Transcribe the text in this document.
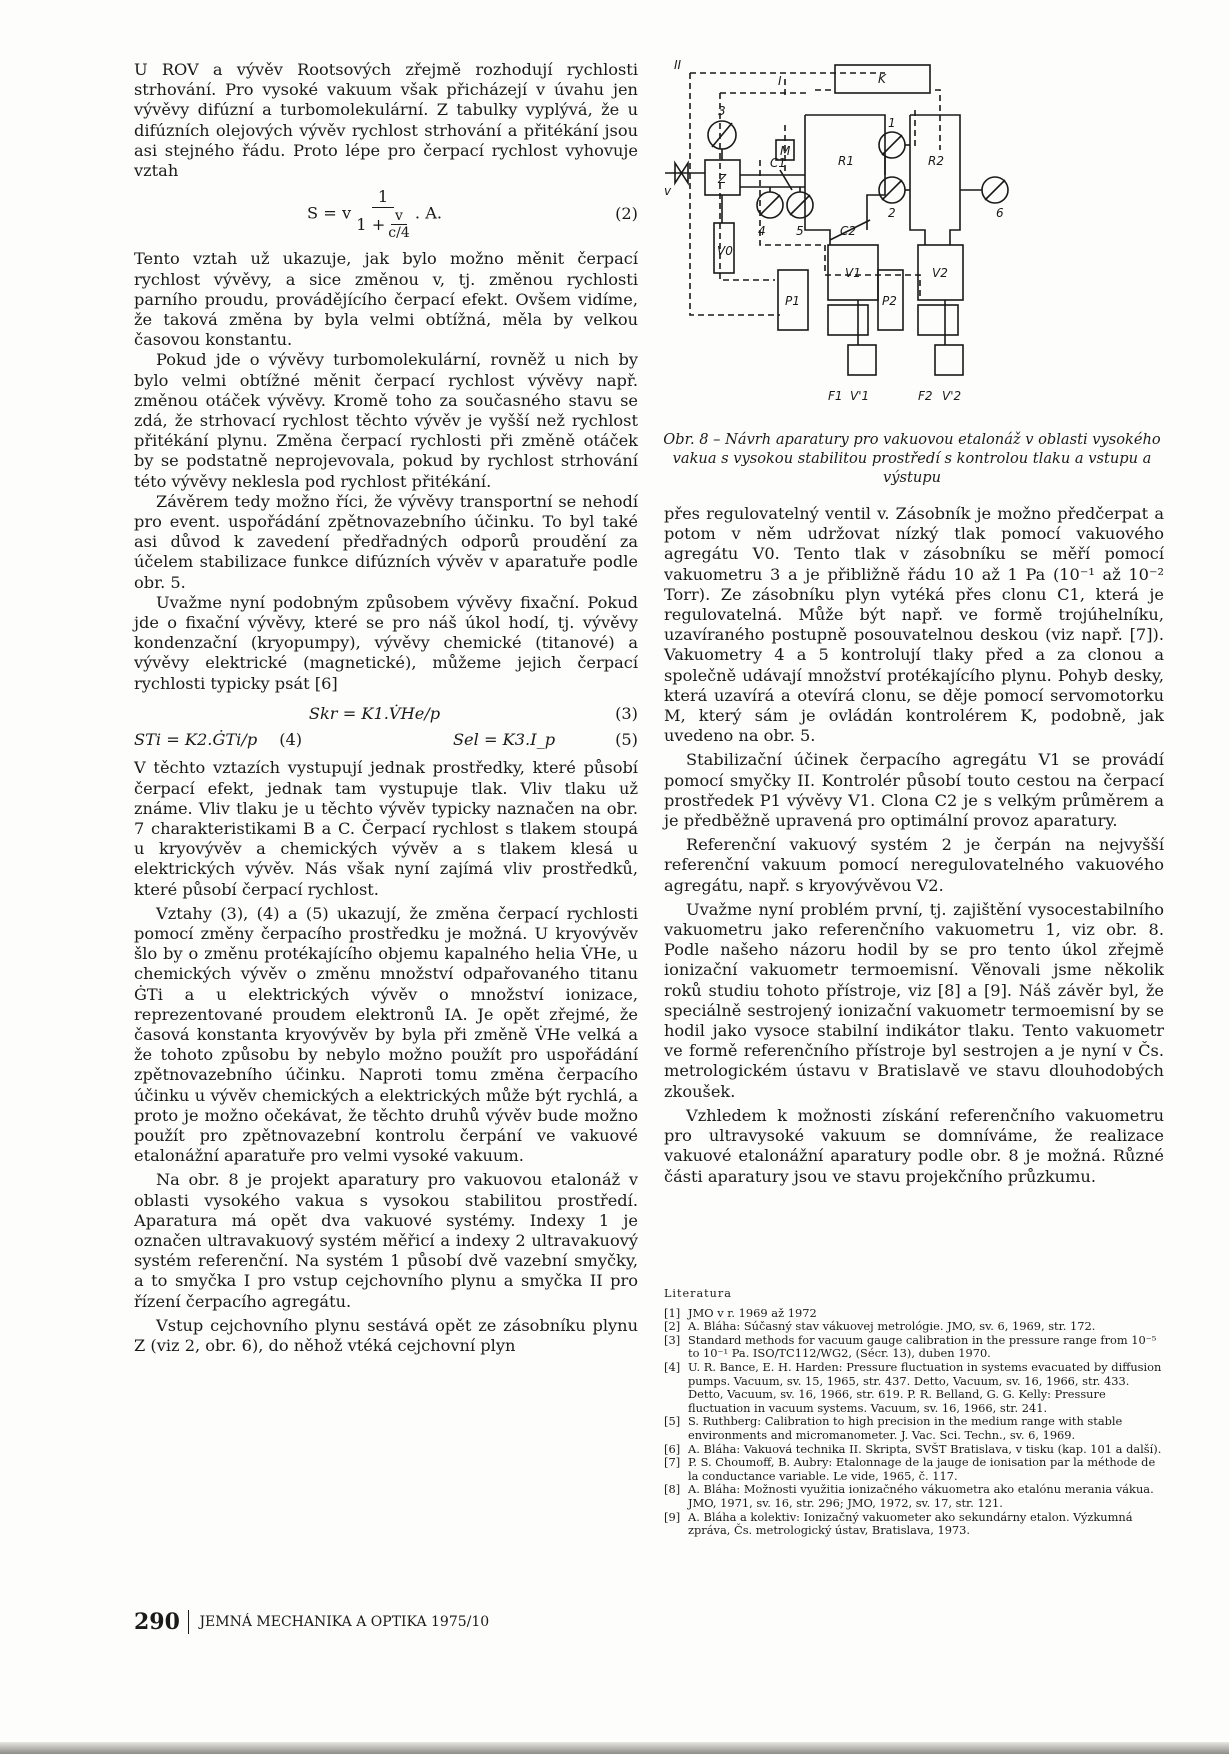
U ROV a vývěv Rootsových zřejmě rozhodují rychlosti strhování. Pro vysoké vakuum však přicházejí v úvahu jen vývěvy difúzní a turbomolekulární. Z tabulky vyplývá, že u difúzních olejových vývěv rychlost strhování a přitékání jsou asi stejného řádu. Proto lépe pro čerpací rychlost vyhovuje vztah

S = v $\frac{1}{1 + \frac{v}{c/4}}$ . A.	(2)

Tento vztah už ukazuje, jak bylo možno měnit čerpací rychlost vývěvy, a sice změnou v, tj. změnou rychlosti parního proudu, provádějícího čerpací efekt. Ovšem vidíme, že taková změna by byla velmi obtížná, měla by velkou časovou konstantu.

Pokud jde o vývěvy turbomolekulární, rovněž u nich by bylo velmi obtížné měnit čerpací rychlost vývěvy např. změnou otáček vývěvy. Kromě toho za současného stavu se zdá, že strhovací rychlost těchto vývěv je vyšší než rychlost přitékání plynu. Změna čerpací rychlosti při změně otáček by se podstatně neprojevovala, pokud by rychlost strhování této vývěvy neklesla pod rychlost přitékání.

Závěrem tedy možno říci, že vývěvy transportní se nehodí pro event. uspořádání zpětnovazebního účinku. To byl také asi důvod k zavedení předřadných odporů proudění za účelem stabilizace funkce difúzních vývěv v aparatuře podle obr. 5.

Uvažme nyní podobným způsobem vývěvy fixační. Pokud jde o fixační vývěvy, které se pro náš úkol hodí, tj. vývěvy kondenzační (kryopumpy), vývěvy chemické (titanové) a vývěvy elektrické (magnetické), můžeme jejich čerpací rychlosti typicky psát [6]

Skr = K1.V̇He/p	(3)
STi = K2.ĠTi/p (4)	Sel = K3.I_p	(5)

V těchto vztazích vystupují jednak prostředky, které působí čerpací efekt, jednak tam vystupuje tlak. Vliv tlaku už známe. Vliv tlaku je u těchto vývěv typicky naznačen na obr. 7 charakteristikami B a C. Čerpací rychlost s tlakem stoupá u kryovývěv a chemických vývěv a s tlakem klesá u elektrických vývěv. Nás však nyní zajímá vliv prostředků, které působí čerpací rychlost.

Vztahy (3), (4) a (5) ukazují, že změna čerpací rychlosti pomocí změny čerpacího prostředku je možná. U kryovývěv šlo by o změnu protékajícího objemu kapalného helia V̇He, u chemických vývěv o změnu množství odpařovaného titanu ĠTi a u elektrických vývěv o množství ionizace, reprezentované proudem elektronů IA. Je opět zřejmé, že časová konstanta kryovývěv by byla při změně V̇He velká a že tohoto způsobu by nebylo možno použít pro uspořádání zpětnovazebního účinku. Naproti tomu změna čerpacího účinku u vývěv chemických a elektrických může být rychlá, a proto je možno očekávat, že těchto druhů vývěv bude možno použít pro zpětnovazební kontrolu čerpání ve vakuové etalonážní aparatuře pro velmi vysoké vakuum.

Na obr. 8 je projekt aparatury pro vakuovou etalonáž v oblasti vysokého vakua s vysokou stabilitou prostředí. Aparatura má opět dva vakuové systémy. Indexy 1 je označen ultravakuový systém měřicí a indexy 2 ultravakuový systém referenční. Na systém 1 působí dvě vazební smyčky, a to smyčka I pro vstup cejchovního plynu a smyčka II pro řízení čerpacího agregátu.

Vstup cejchovního plynu sestává opět ze zásobníku plynu Z (viz 2, obr. 6), do něhož vtéká cejchovní plyn

II
I	K
3
M
Z
V0
v
C1
4	5
R1
C2
1
2
R2
6
P1	P2
V1	V2
F1 V'1	F2 V'2
Obr. 8 – Návrh aparatury pro vakuovou etalonáž v oblasti vysokého vakua s vysokou stabilitou prostředí s kontrolou tlaku a vstupu a výstupu

přes regulovatelný ventil v. Zásobník je možno předčerpat a potom v něm udržovat nízký tlak pomocí vakuového agregátu V0. Tento tlak v zásobníku se měří pomocí vakuometru 3 a je přibližně řádu 10 až 1 Pa (10⁻¹ až 10⁻² Torr). Ze zásobníku plyn vytéká přes clonu C1, která je regulovatelná. Může být např. ve formě trojúhelníku, uzavíraného postupně posouvatelnou deskou (viz např. [7]). Vakuometry 4 a 5 kontrolují tlaky před a za clonou a společně udávají množství protékajícího plynu. Pohyb desky, která uzavírá a otevírá clonu, se děje pomocí servomotorku M, který sám je ovládán kontrolérem K, podobně, jak uvedeno na obr. 5.

Stabilizační účinek čerpacího agregátu V1 se provádí pomocí smyčky II. Kontrolér působí touto cestou na čerpací prostředek P1 vývěvy V1. Clona C2 je s velkým průměrem a je předběžně upravená pro optimální provoz aparatury.

Referenční vakuový systém 2 je čerpán na nejvyšší referenční vakuum pomocí neregulovatelného vakuového agregátu, např. s kryovývěvou V2.

Uvažme nyní problém první, tj. zajištění vysocestabilního vakuometru jako referenčního vakuometru 1, viz obr. 8. Podle našeho názoru hodil by se pro tento úkol zřejmě ionizační vakuometr termoemisní. Věnovali jsme několik roků studiu tohoto přístroje, viz [8] a [9]. Náš závěr byl, že speciálně sestrojený ionizační vakuometr termoemisní by se hodil jako vysoce stabilní indikátor tlaku. Tento vakuometr ve formě referenčního přístroje byl sestrojen a je nyní v Čs. metrologickém ústavu v Bratislavě ve stavu dlouhodobých zkoušek.

Vzhledem k možnosti získání referenčního vakuometru pro ultravysoké vakuum se domníváme, že realizace vakuové etalonážní aparatury podle obr. 8 je možná. Různé části aparatury jsou ve stavu projekčního průzkumu.

Literatura
[1] JMO v r. 1969 až 1972
[2] A. Bláha: Súčasný stav vákuovej metrológie. JMO, sv. 6, 1969, str. 172.
[3] Standard methods for vacuum gauge calibration in the pressure range from 10⁻⁵ to 10⁻¹ Pa. ISO/TC112/WG2, (Sécr. 13), duben 1970.
[4] U. R. Bance, E. H. Harden: Pressure fluctuation in systems evacuated by diffusion pumps. Vacuum, sv. 15, 1965, str. 437. Detto, Vacuum, sv. 16, 1966, str. 433. Detto, Vacuum, sv. 16, 1966, str. 619. P. R. Belland, G. G. Kelly: Pressure fluctuation in vacuum systems. Vacuum, sv. 16, 1966, str. 241.
[5] S. Ruthberg: Calibration to high precision in the medium range with stable environments and micromanometer. J. Vac. Sci. Techn., sv. 6, 1969.
[6] A. Bláha: Vakuová technika II. Skripta, SVŠT Bratislava, v tisku (kap. 101 a další).
[7] P. S. Choumoff, B. Aubry: Etalonnage de la jauge de ionisation par la méthode de la conductance variable. Le vide, 1965, č. 117.
[8] A. Bláha: Možnosti využitia ionizačného vákuometra ako etalónu merania vákua. JMO, 1971, sv. 16, str. 296; JMO, 1972, sv. 17, str. 121.
[9] A. Bláha a kolektiv: Ionizačný vakuometer ako sekundárny etalon. Výzkumná zpráva, Čs. metrologický ústav, Bratislava, 1973.
290 JEMNÁ MECHANIKA A OPTIKA 1975/10
